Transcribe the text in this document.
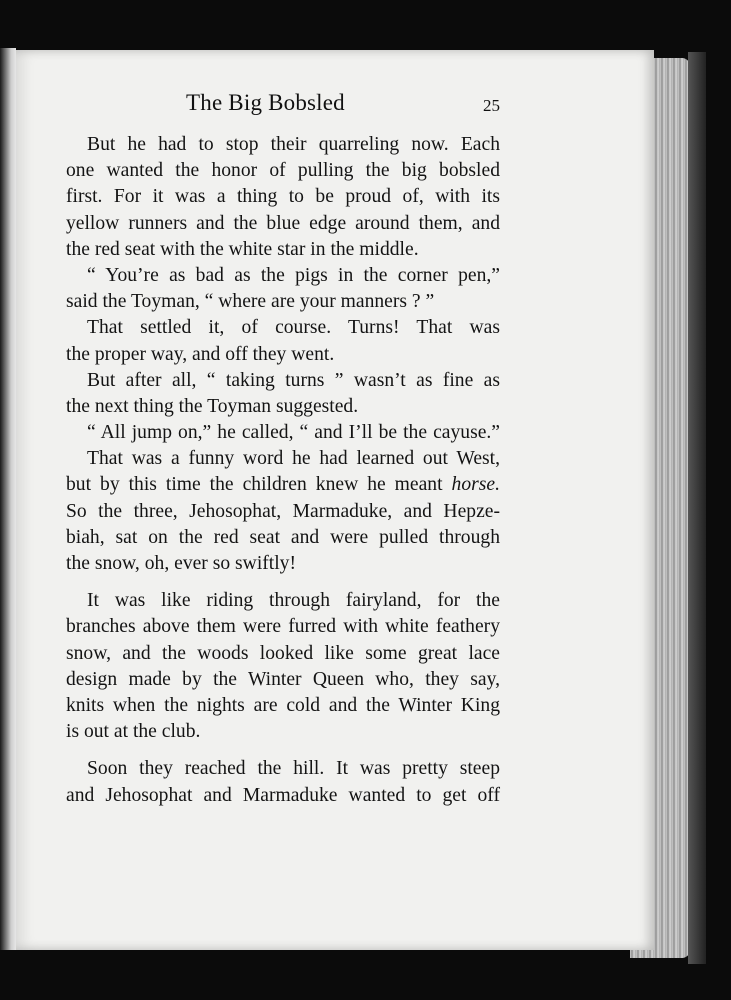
The Big Bobsled	25
But he had to stop their quarreling now. Each
one wanted the honor of pulling the big bobsled
first. For it was a thing to be proud of, with its
yellow runners and the blue edge around them, and
the red seat with the white star in the middle.
“ You’re as bad as the pigs in the corner pen,”
said the Toyman, “ where are your manners ? ”
That settled it, of course. Turns! That was
the proper way, and off they went.
But after all, “ taking turns ” wasn’t as fine as
the next thing the Toyman suggested.
“ All jump on,” he called, “ and I’ll be the cayuse.”
That was a funny word he had learned out West,
but by this time the children knew he meant horse.
So the three, Jehosophat, Marmaduke, and Hepze-
biah, sat on the red seat and were pulled through
the snow, oh, ever so swiftly!
It was like riding through fairyland, for the
branches above them were furred with white feathery
snow, and the woods looked like some great lace
design made by the Winter Queen who, they say,
knits when the nights are cold and the Winter King
is out at the club.
Soon they reached the hill. It was pretty steep
and Jehosophat and Marmaduke wanted to get off
